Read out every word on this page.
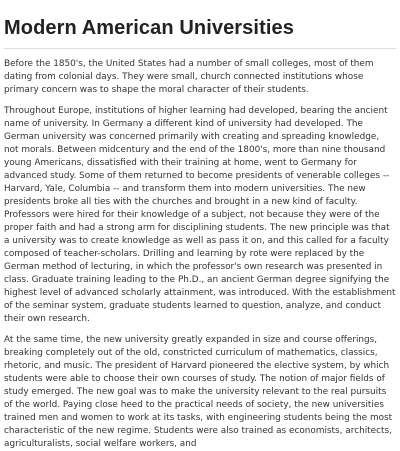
Modern American Universities

Before the 1850's, the United States had a number of small colleges, most of them dating from colonial days. They were small, church connected institutions whose primary concern was to shape the moral character of their students.

Throughout Europe, institutions of higher learning had developed, bearing the ancient name of university. In Germany a different kind of university had developed. The German university was concerned primarily with creating and spreading knowledge, not morals. Between midcentury and the end of the 1800's, more than nine thousand young Americans, dissatisfied with their training at home, went to Germany for advanced study. Some of them returned to become presidents of venerable colleges -- Harvard, Yale, Columbia -- and transform them into modern universities. The new presidents broke all ties with the churches and brought in a new kind of faculty. Professors were hired for their knowledge of a subject, not because they were of the proper faith and had a strong arm for disciplining students. The new principle was that a university was to create knowledge as well as pass it on, and this called for a faculty composed of teacher-scholars. Drilling and learning by rote were replaced by the German method of lecturing, in which the professor's own research was presented in class. Graduate training leading to the Ph.D., an ancient German degree signifying the highest level of advanced scholarly attainment, was introduced. With the establishment of the seminar system, graduate students learned to question, analyze, and conduct their own research.

At the same time, the new university greatly expanded in size and course offerings, breaking completely out of the old, constricted curriculum of mathematics, classics, rhetoric, and music. The president of Harvard pioneered the elective system, by which students were able to choose their own courses of study. The notion of major fields of study emerged. The new goal was to make the university relevant to the real pursuits of the world. Paying close heed to the practical needs of society, the new universities trained men and women to work at its tasks, with engineering students being the most characteristic of the new regime. Students were also trained as economists, architects, agriculturalists, social welfare workers, and
